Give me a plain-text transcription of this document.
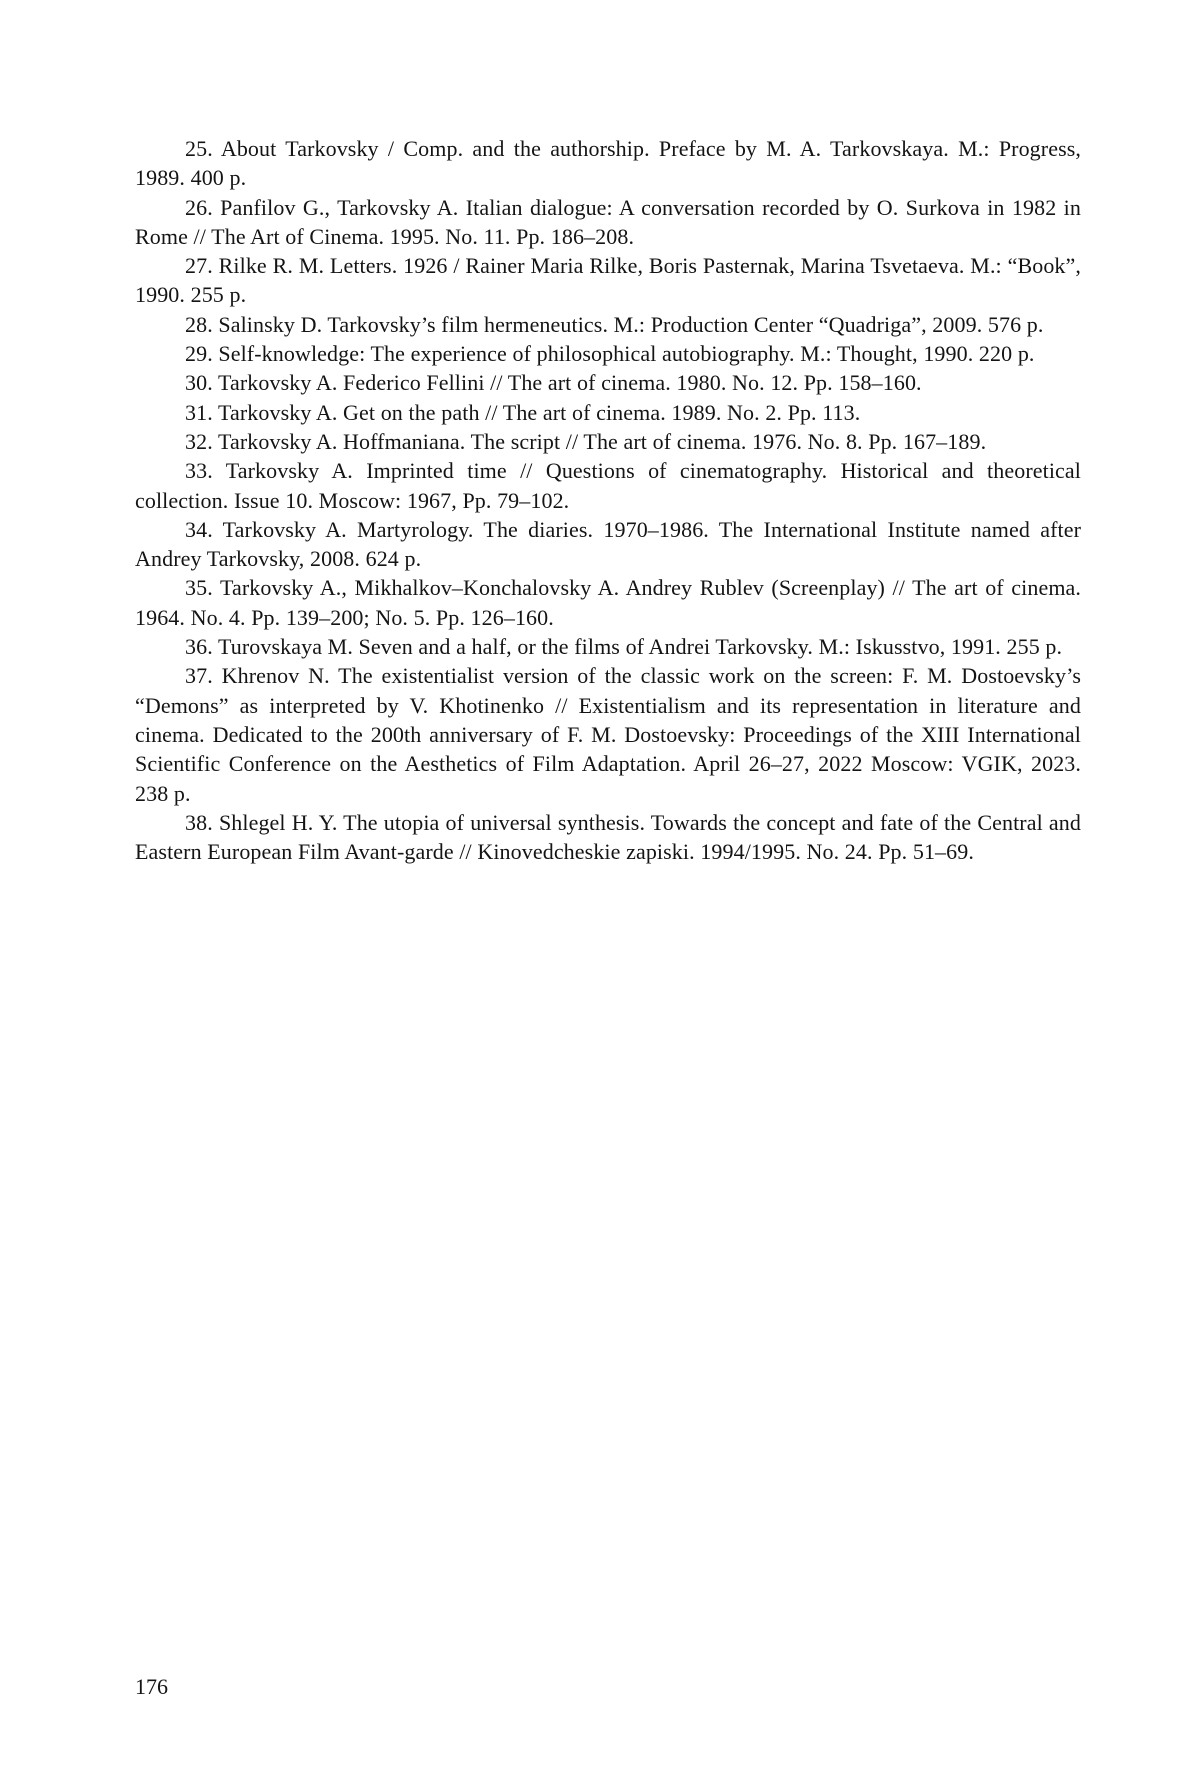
25. About Tarkovsky / Comp. and the authorship. Preface by M. A. Tarkovskaya. M.: Progress, 1989. 400 p.

26. Panfilov G., Tarkovsky A. Italian dialogue: A conversation recorded by O. Surkova in 1982 in Rome // The Art of Cinema. 1995. No. 11. Pp. 186–208.

27. Rilke R. M. Letters. 1926 / Rainer Maria Rilke, Boris Pasternak, Marina Tsvetaeva. M.: “Book”, 1990. 255 p.

28. Salinsky D. Tarkovsky’s film hermeneutics. M.: Production Center “Quadriga”, 2009. 576 p.

29. Self-knowledge: The experience of philosophical autobiography. M.: Thought, 1990. 220 p.

30. Tarkovsky A. Federico Fellini // The art of cinema. 1980. No. 12. Pp. 158–160.

31. Tarkovsky A. Get on the path // The art of cinema. 1989. No. 2. Pp. 113.

32. Tarkovsky A. Hoffmaniana. The script // The art of cinema. 1976. No. 8. Pp. 167–189.

33. Tarkovsky A. Imprinted time // Questions of cinematography. Historical and theoretical collection. Issue 10. Moscow: 1967, Pp. 79–102.

34. Tarkovsky A. Martyrology. The diaries. 1970–1986. The International Institute named after Andrey Tarkovsky, 2008. 624 p.

35. Tarkovsky A., Mikhalkov–Konchalovsky A. Andrey Rublev (Screenplay) // The art of cinema. 1964. No. 4. Pp. 139–200; No. 5. Pp. 126–160.

36. Turovskaya M. Seven and a half, or the films of Andrei Tarkovsky. M.: Iskusstvo, 1991. 255 p.

37. Khrenov N. The existentialist version of the classic work on the screen: F. M. Dostoevsky’s “Demons” as interpreted by V. Khotinenko // Existentialism and its representation in literature and cinema. Dedicated to the 200th anniversary of F. M. Dostoevsky: Proceedings of the XIII International Scientific Conference on the Aesthetics of Film Adaptation. April 26–27, 2022 Moscow: VGIK, 2023. 238 p.

38. Shlegel H. Y. The utopia of universal synthesis. Towards the concept and fate of the Central and Eastern European Film Avant-garde // Kinovedcheskie zapiski. 1994/1995. No. 24. Pp. 51–69.

176
